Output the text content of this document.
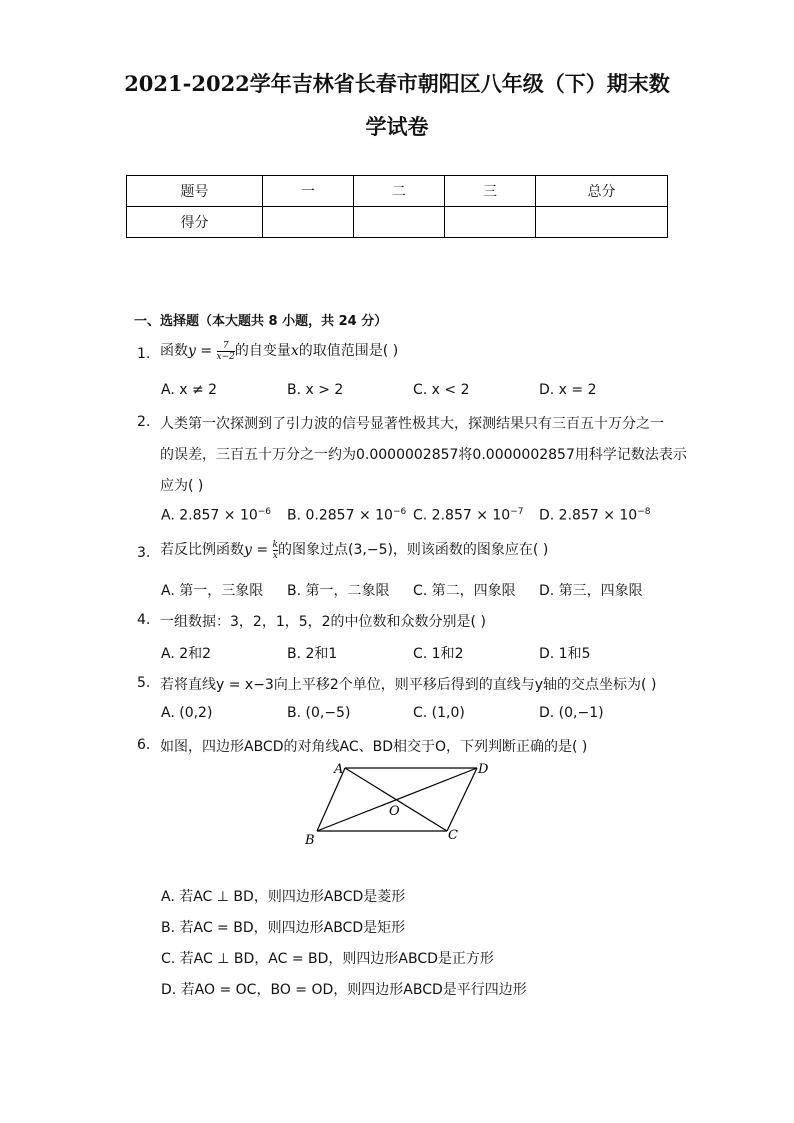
2021-2022学年吉林省长春市朝阳区八年级（下）期末数
学试卷
题号	一	二	三	总分
得分				
一、选择题（本大题共 8 小题，共 24 分）
1. 函数$y = \frac{7}{x-2}$ 的自变量x的取值范围是( )
A. x ≠ 2	B. x > 2	C. x < 2	D. x = 2
2. 人类第一次探测到了引力波的信号显著性极其大，探测结果只有三百五十万分之一
的误差，三百五十万分之一约为0.0000002857将0.0000002857用科学记数法表示
应为( )
A. $2.857 \times 10^{-6}$ B. $0.2857 \times 10^{-6}$ C. $2.857 \times 10^{-7}$ D. $2.857 \times 10^{-8}$
3. 若反比例函数$y = \frac{k}{x}$ 的图象过点(3,−5)，则该函数的图象应在( )
A. 第一，三象限 B. 第一，二象限 C. 第二，四象限 D. 第三，四象限
4. 一组数据：3，2，1，5，2的中位数和众数分别是( )
A. 2和2	B. 2和1	C. 1和2	D. 1和5
5. 若将直线y = x−3向上平移2个单位，则平移后得到的直线与y轴的交点坐标为( )
A. (0,2)	B. (0,−5)	C. (1,0)	D. (0,−1)
6. 如图，四边形ABCD的对角线AC、BD相交于O，下列判断正确的是( )
A	D
B	C
O
A. 若AC ⊥ BD，则四边形ABCD是菱形
B. 若AC = BD，则四边形ABCD是矩形
C. 若AC ⊥ BD，AC = BD，则四边形ABCD是正方形
D. 若AO = OC，BO = OD，则四边形ABCD是平行四边形
